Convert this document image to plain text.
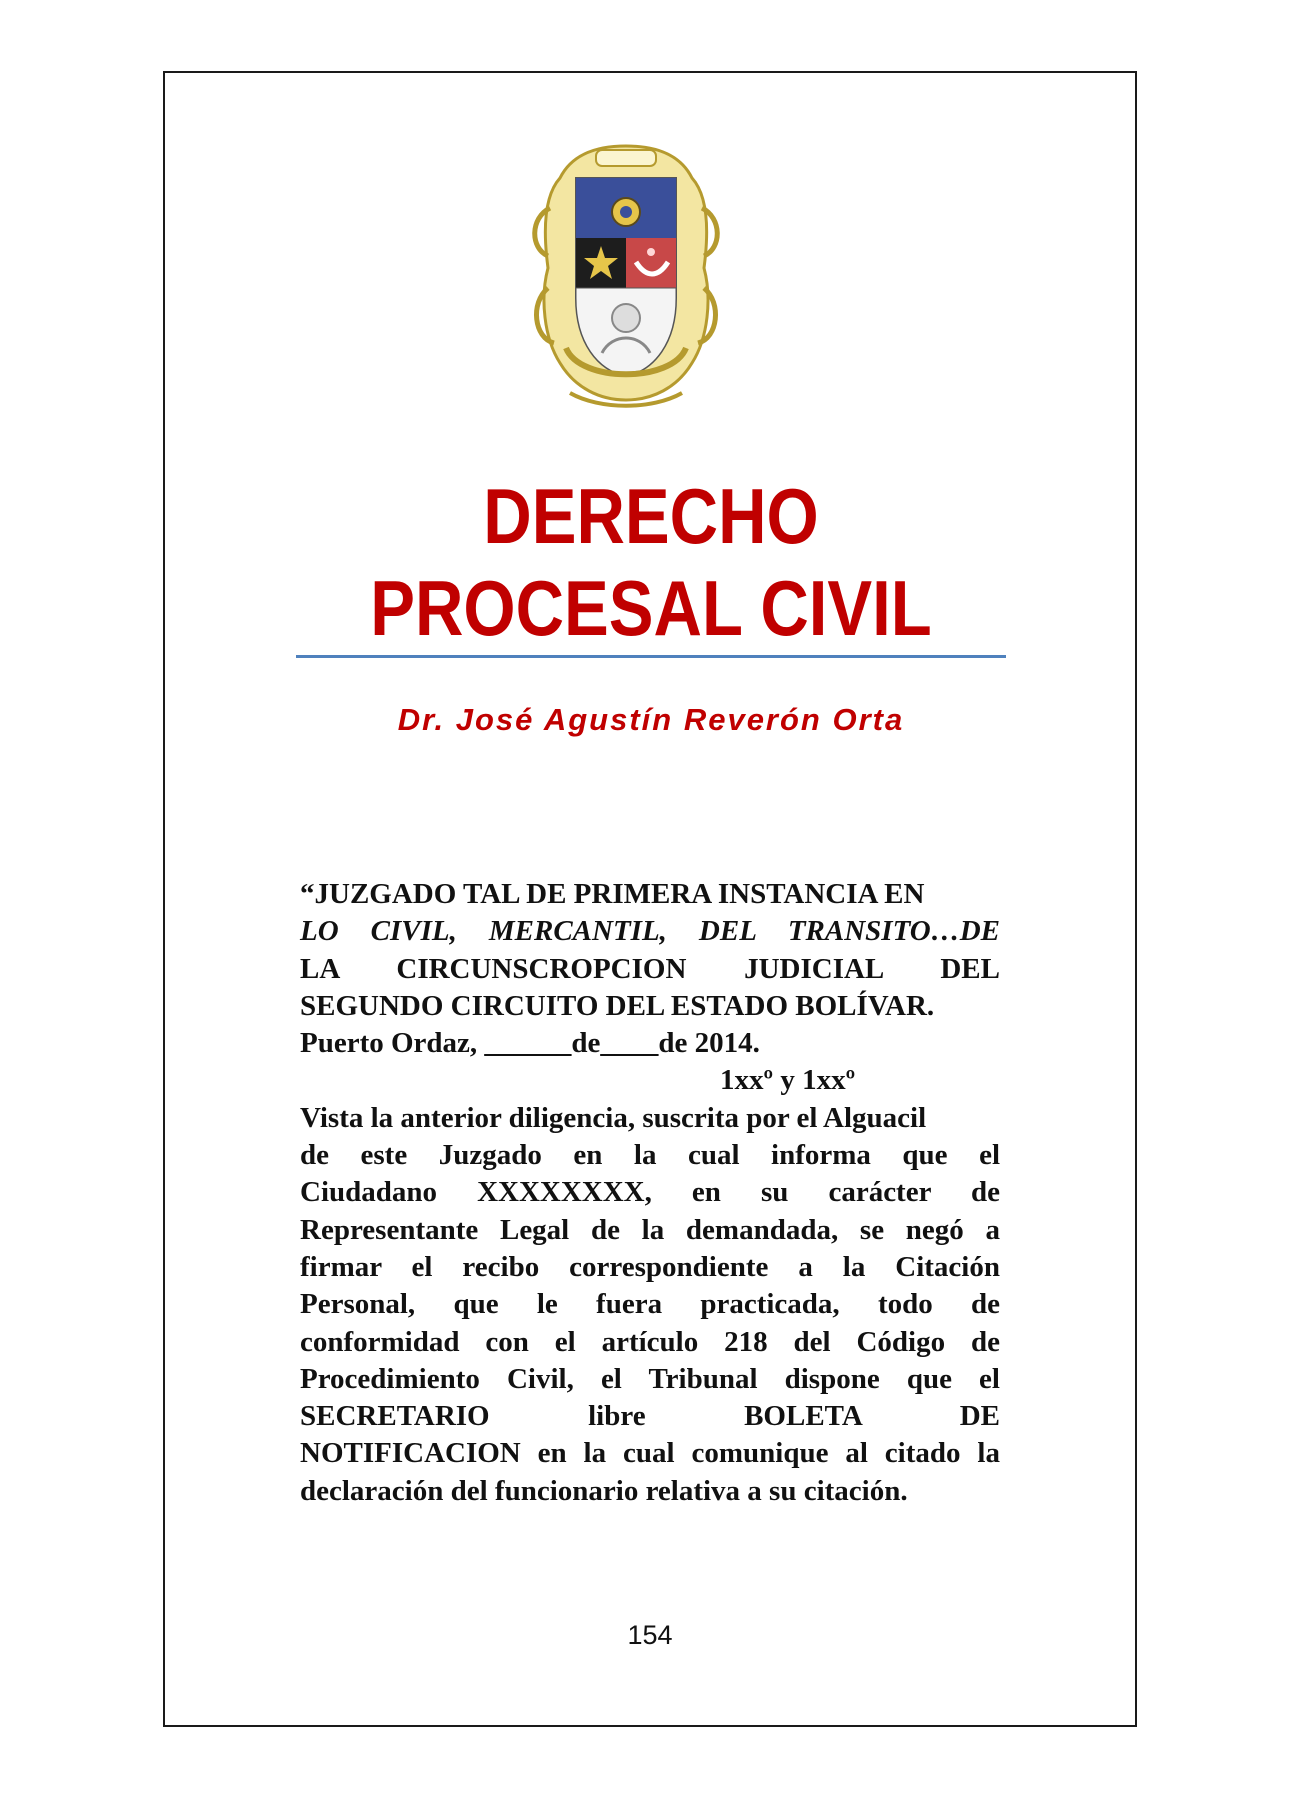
DERECHO
PROCESAL CIVIL
Dr. José Agustín Reverón Orta
“JUZGADO TAL DE PRIMERA INSTANCIA EN
LO CIVIL, MERCANTIL, DEL TRANSITO…DE
LA CIRCUNSCROPCION JUDICIAL DEL
SEGUNDO CIRCUITO DEL ESTADO BOLÍVAR.
Puerto Ordaz, ______de____de 2014.
1xxº y 1xxº
Vista la anterior diligencia, suscrita por el Alguacil
de este Juzgado en la cual informa que el
Ciudadano XXXXXXXX, en su carácter de
Representante Legal de la demandada, se negó a
firmar el recibo correspondiente a la Citación
Personal, que le fuera practicada, todo de
conformidad con el artículo 218 del Código de
Procedimiento Civil, el Tribunal dispone que el
SECRETARIO libre BOLETA DE
NOTIFICACION en la cual comunique al citado la
declaración del funcionario relativa a su citación.
154
